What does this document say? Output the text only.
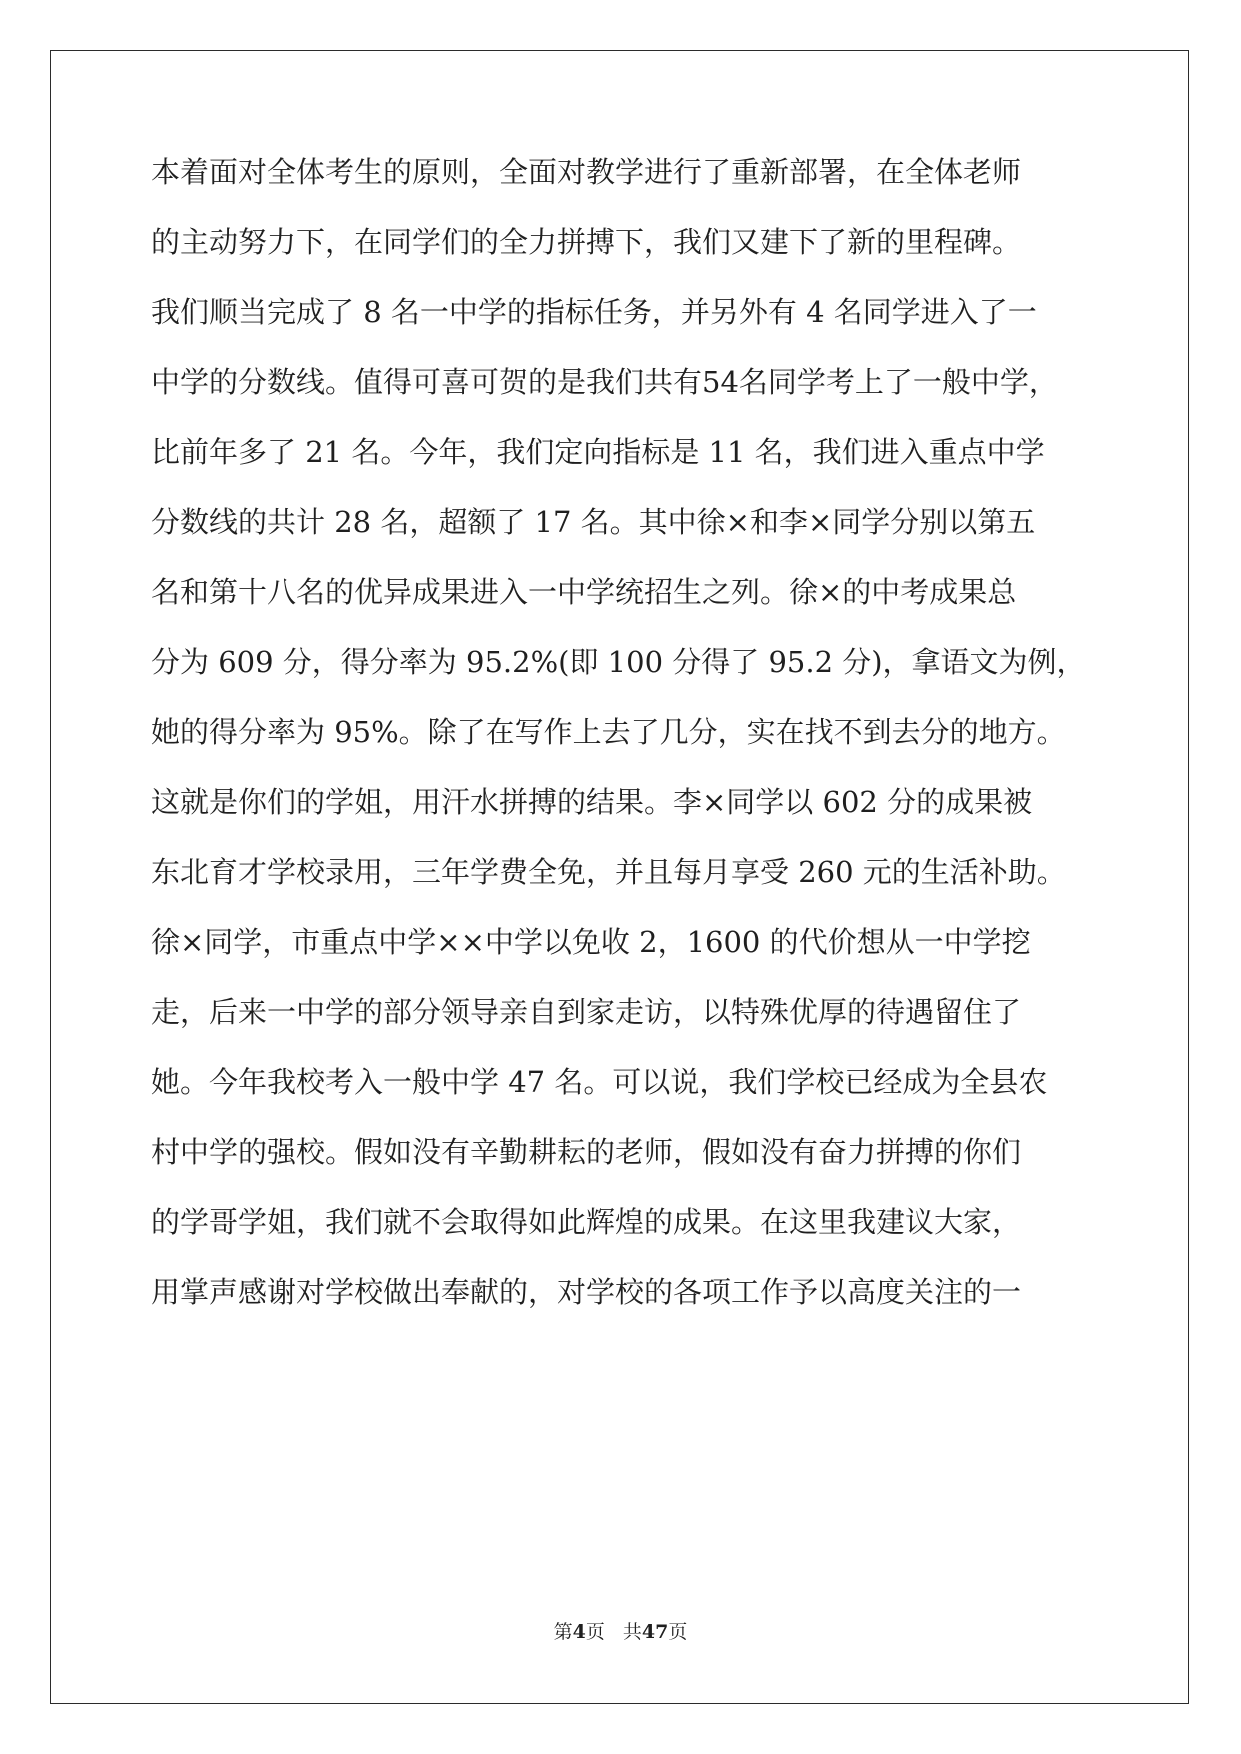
本着面对全体考生的原则，全面对教学进行了重新部署，在全体老师
的主动努力下，在同学们的全力拼搏下，我们又建下了新的里程碑。
我们顺当完成了 8 名一中学的指标任务，并另外有 4 名同学进入了一
中学的分数线。值得可喜可贺的是我们共有54名同学考上了一般中学，
比前年多了 21 名。今年，我们定向指标是 11 名，我们进入重点中学
分数线的共计 28 名，超额了 17 名。其中徐×和李×同学分别以第五
名和第十八名的优异成果进入一中学统招生之列。徐×的中考成果总
分为 609 分，得分率为 95.2%(即 100 分得了 95.2 分)，拿语文为例，
她的得分率为 95%。除了在写作上去了几分，实在找不到去分的地方。
这就是你们的学姐，用汗水拼搏的结果。李×同学以 602 分的成果被
东北育才学校录用，三年学费全免，并且每月享受 260 元的生活补助。
徐×同学，市重点中学××中学以免收 2，1600 的代价想从一中学挖
走，后来一中学的部分领导亲自到家走访，以特殊优厚的待遇留住了
她。今年我校考入一般中学 47 名。可以说，我们学校已经成为全县农
村中学的强校。假如没有辛勤耕耘的老师，假如没有奋力拼搏的你们
的学哥学姐，我们就不会取得如此辉煌的成果。在这里我建议大家，
用掌声感谢对学校做出奉献的，对学校的各项工作予以高度关注的一
第4页 共47页
